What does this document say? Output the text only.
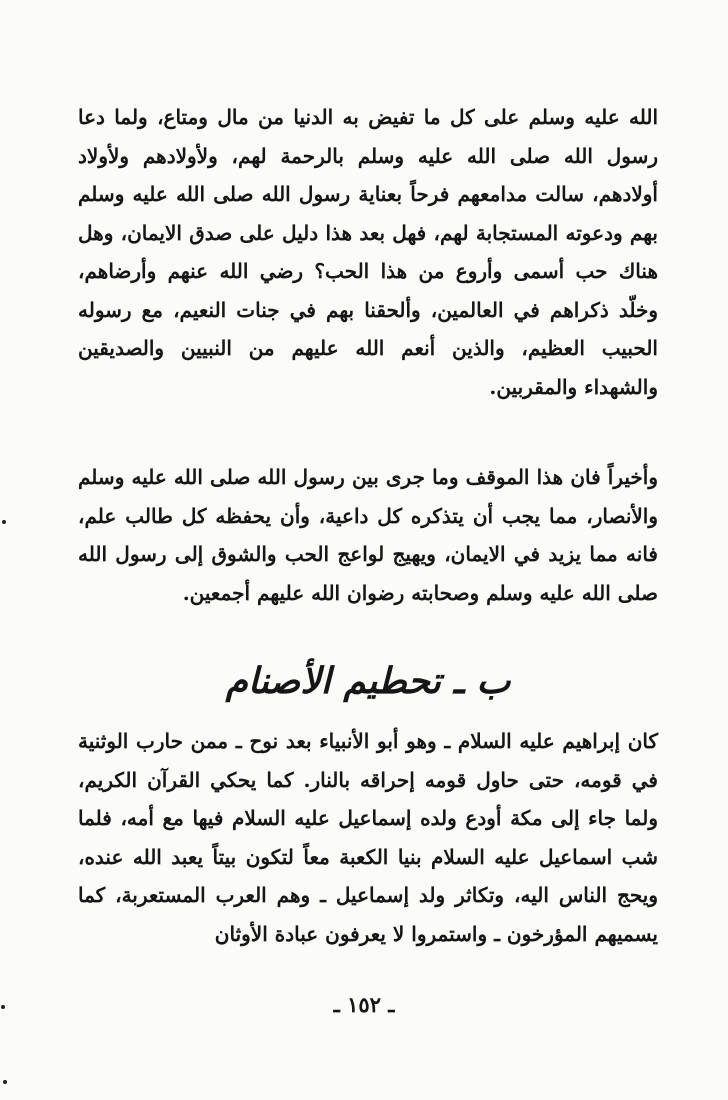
الله عليه وسلم على كل ما تفيض به الدنيا من مال ومتاع، ولما دعا رسول الله صلى الله عليه وسلم بالرحمة لهم، ولأولادهم ولأولاد أولادهم، سالت مدامعهم فرحاً بعناية رسول الله صلى الله عليه وسلم بهم ودعوته المستجابة لهم، فهل بعد هذا دليل على صدق الايمان، وهل هناك حب أسمى وأروع من هذا الحب؟ رضي الله عنهم وأرضاهم، وخلّد ذكراهم في العالمين، وألحقنا بهم في جنات النعيم، مع رسوله الحبيب العظيم، والذين أنعم الله عليهم من النبيين والصديقين والشهداء والمقربين.

وأخيراً فان هذا الموقف وما جرى بين رسول الله صلى الله عليه وسلم والأنصار، مما يجب أن يتذكره كل داعية، وأن يحفظه كل طالب علم، فانه مما يزيد في الايمان، ويهيج لواعج الحب والشوق إلى رسول الله صلى الله عليه وسلم وصحابته رضوان الله عليهم أجمعين.

ب ـ تحطيم الأصنام

كان إبراهيم عليه السلام ـ وهو أبو الأنبياء بعد نوح ـ ممن حارب الوثنية في قومه، حتى حاول قومه إحراقه بالنار. كما يحكي القرآن الكريم، ولما جاء إلى مكة أودع ولده إسماعيل عليه السلام فيها مع أمه، فلما شب اسماعيل عليه السلام بنيا الكعبة معاً لتكون بيتاً يعبد الله عنده، ويحج الناس اليه، وتكاثر ولد إسماعيل ـ وهم العرب المستعربة، كما يسميهم المؤرخون ـ واستمروا لا يعرفون عبادة الأوثان

ـ ١٥٢ ـ
